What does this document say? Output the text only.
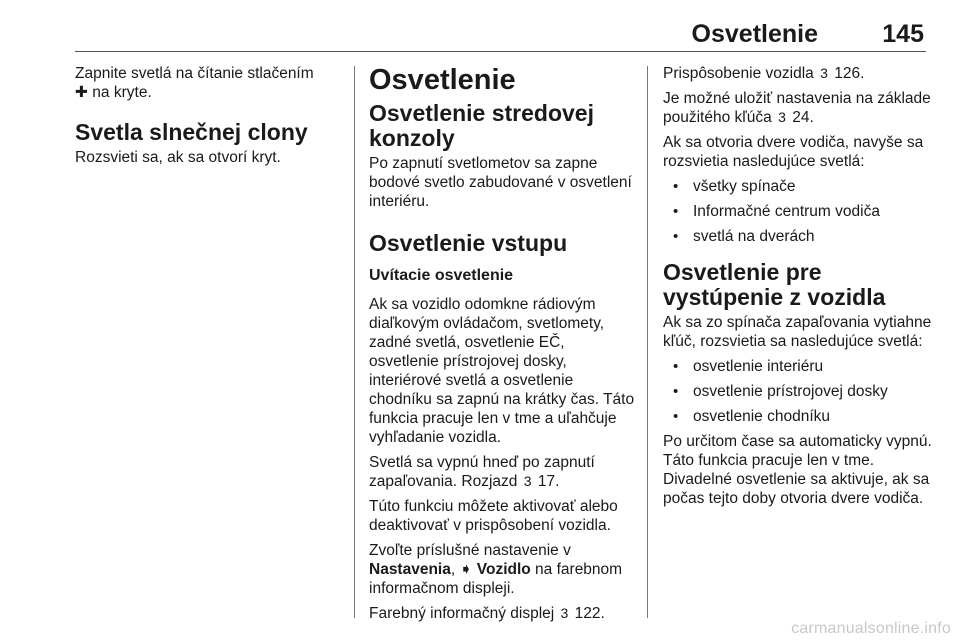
Osvetlenie	145

Zapnite svetlá na čítanie stlačením
✚ na kryte.

Svetla slnečnej clony

Rozsvieti sa, ak sa otvorí kryt.

Osvetlenie
Osvetlenie stredovej konzoly

Po zapnutí svetlometov sa zapne bodové svetlo zabudované v osvetlení interiéru.

Osvetlenie vstupu
Uvítacie osvetlenie

Ak sa vozidlo odomkne rádiovým diaľkovým ovládačom, svetlomety, zadné svetlá, osvetlenie EČ, osvetlenie prístrojovej dosky, interiérové svetlá a osvetlenie chodníku sa zapnú na krátky čas. Táto funkcia pracuje len v tme a uľahčuje vyhľadanie vozidla.

Svetlá sa vypnú hneď po zapnutí zapaľovania. Rozjazd 3 17.

Túto funkciu môžete aktivovať alebo deaktivovať v prispôsobení vozidla.

Zvoľte príslušné nastavenie v
Nastavenia, ➧ Vozidlo na farebnom informačnom displeji.

Farebný informačný displej 3 122.

Prispôsobenie vozidla 3 126.

Je možné uložiť nastavenia na základe použitého kľúča 3 24.

Ak sa otvoria dvere vodiča, navyše sa rozsvietia nasledujúce svetlá:

• všetky spínače
• Informačné centrum vodiča
• svetlá na dverách
Osvetlenie pre vystúpenie z vozidla

Ak sa zo spínača zapaľovania vytiahne kľúč, rozsvietia sa nasledujúce svetlá:

• osvetlenie interiéru
• osvetlenie prístrojovej dosky
• osvetlenie chodníku

Po určitom čase sa automaticky vypnú. Táto funkcia pracuje len v tme. Divadelné osvetlenie sa aktivuje, ak sa počas tejto doby otvoria dvere vodiča.

carmanualsonline.info
